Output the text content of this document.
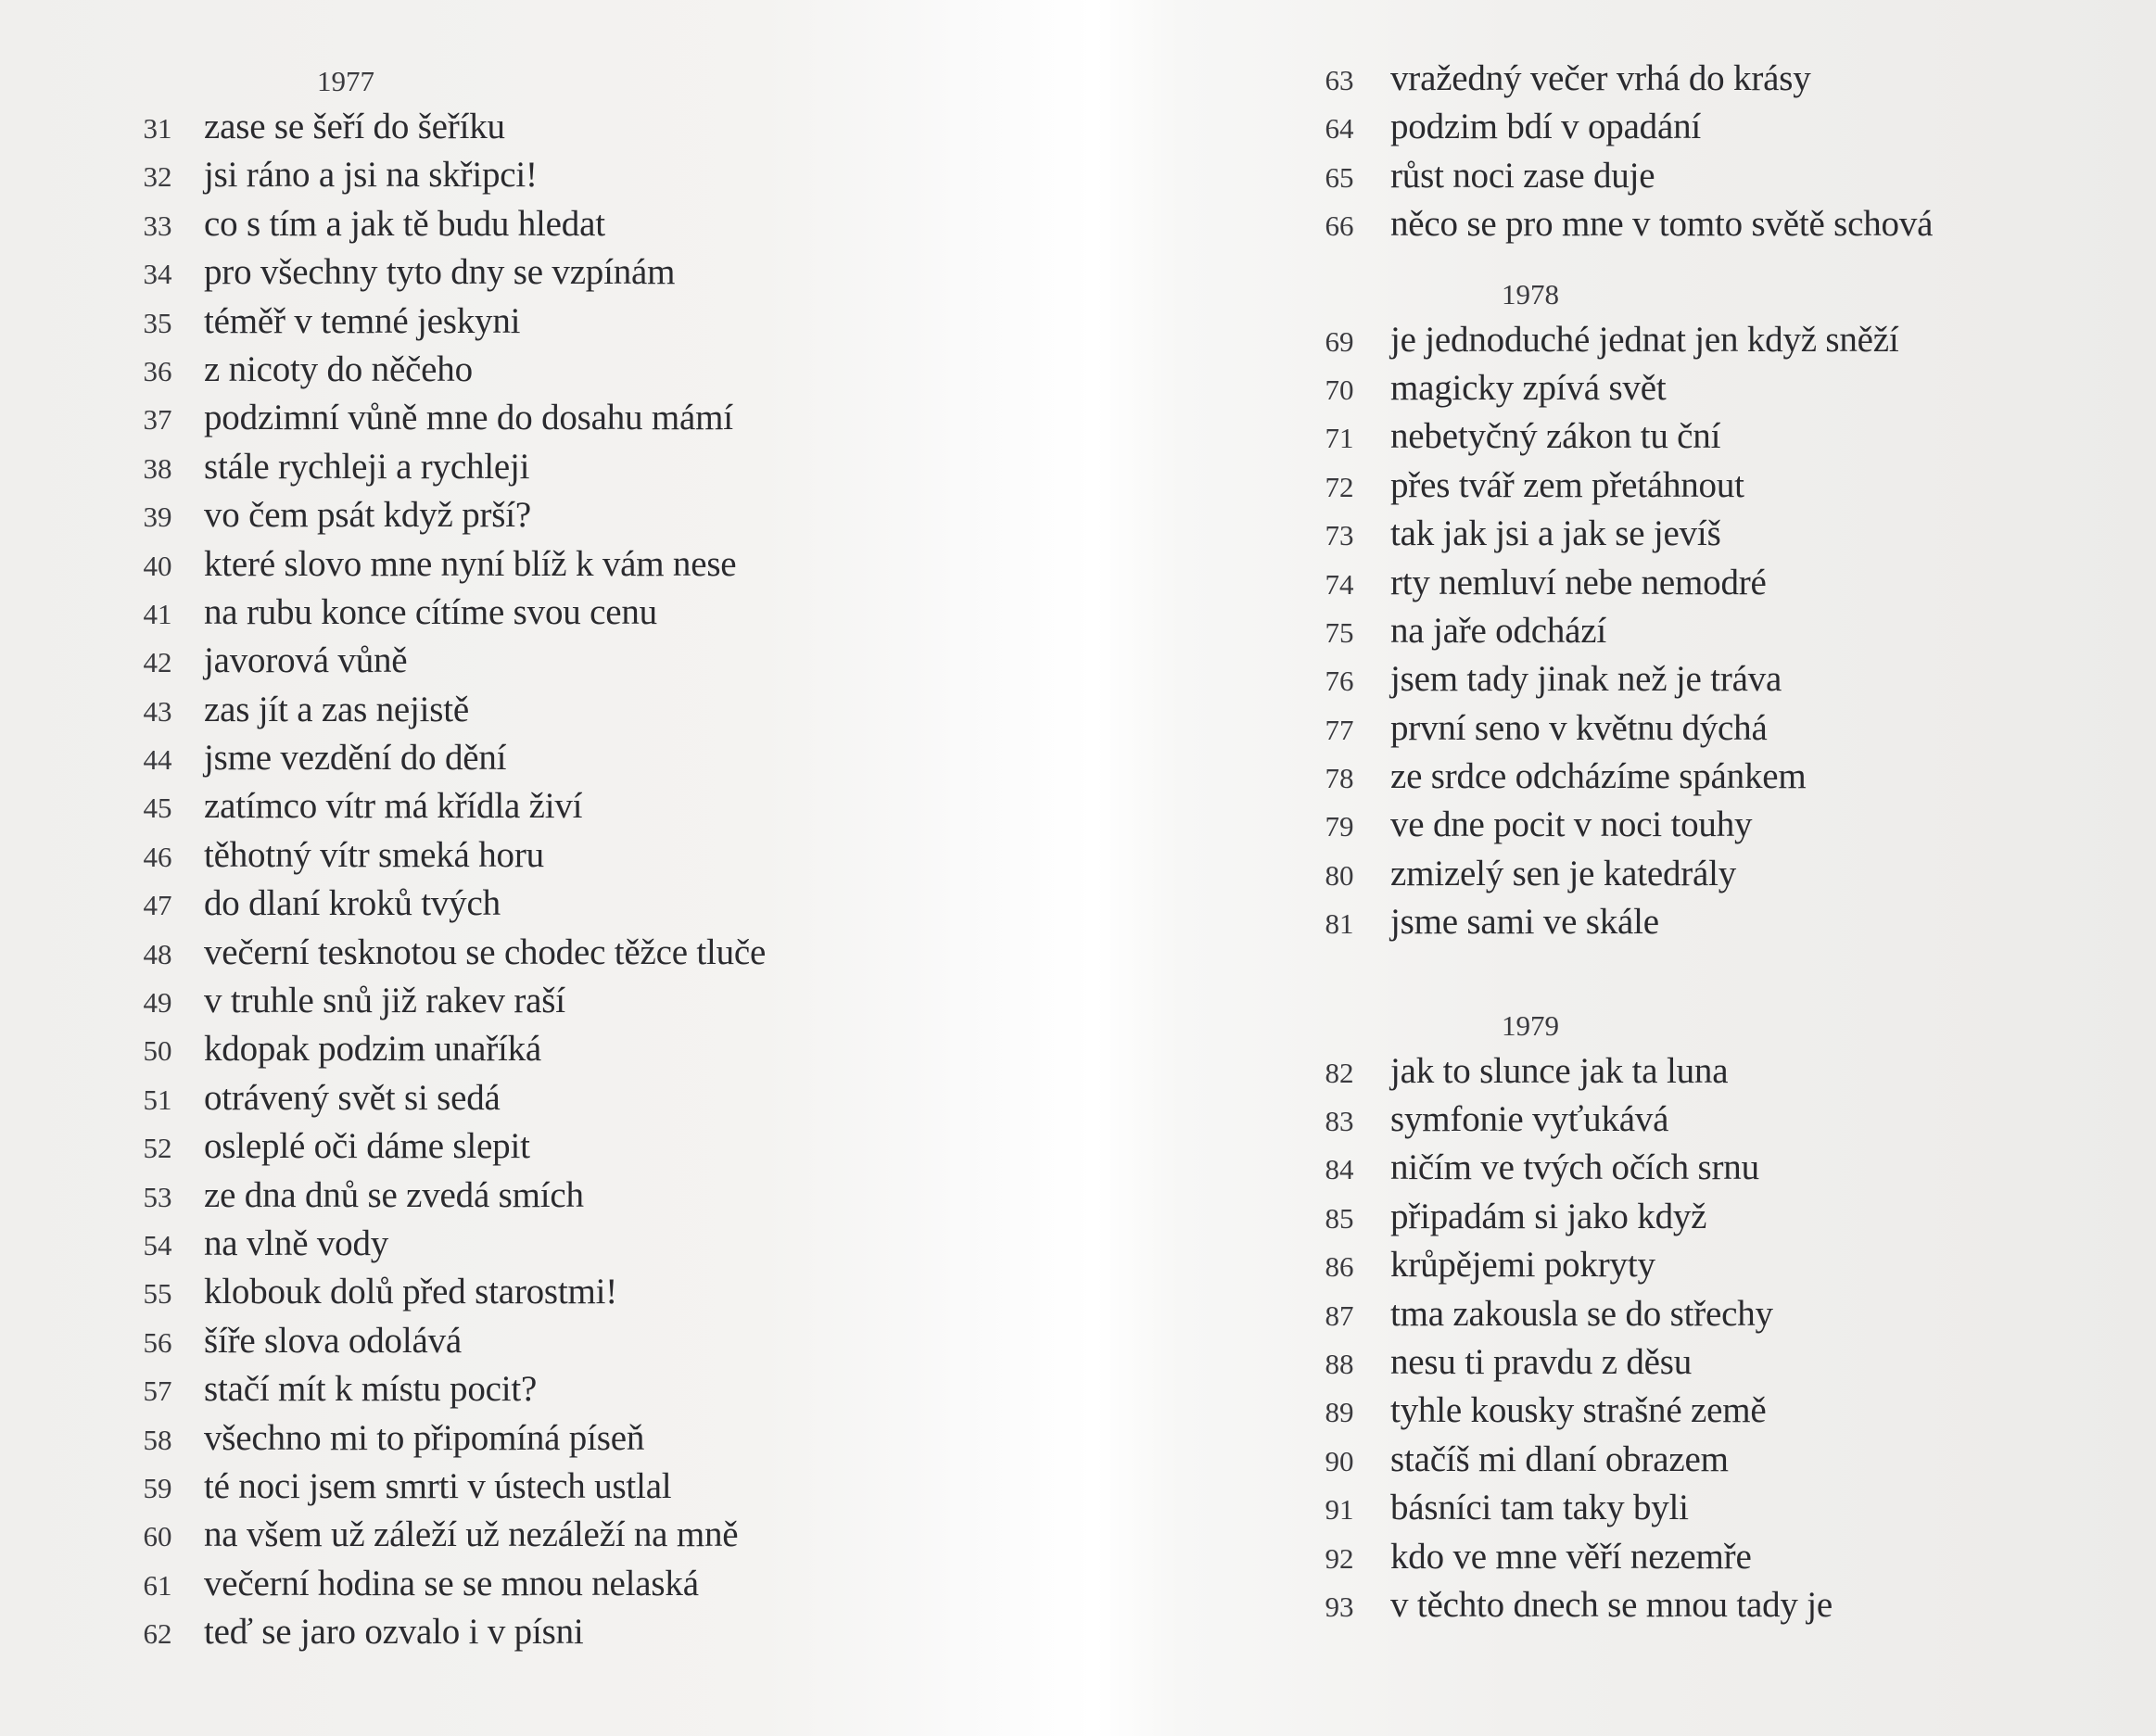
1977
31 zase se šeří do šeříku
32 jsi ráno a jsi na skřipci!
33 co s tím a jak tě budu hledat
34 pro všechny tyto dny se vzpínám
35 téměř v temné jeskyni
36 z nicoty do něčeho
37 podzimní vůně mne do dosahu mámí
38 stále rychleji a rychleji
39 vo čem psát když prší?
40 které slovo mne nyní blíž k vám nese
41 na rubu konce cítíme svou cenu
42 javorová vůně
43 zas jít a zas nejistě
44 jsme vezdění do dění
45 zatímco vítr má křídla živí
46 těhotný vítr smeká horu
47 do dlaní kroků tvých
48 večerní tesknotou se chodec těžce tluče
49 v truhle snů již rakev raší
50 kdopak podzim unaříká
51 otrávený svět si sedá
52 osleplé oči dáme slepit
53 ze dna dnů se zvedá smích
54 na vlně vody
55 klobouk dolů před starostmi!
56 šíře slova odolává
57 stačí mít k místu pocit?
58 všechno mi to připomíná píseň
59 té noci jsem smrti v ústech ustlal
60 na všem už záleží už nezáleží na mně
61 večerní hodina se se mnou nelaská
62 teď se jaro ozvalo i v písni
63	vražedný večer vrhá do krásy
64	podzim bdí v opadání
65	růst noci zase duje
66	něco se pro mne v tomto světě schová
1978
69	je jednoduché jednat jen když sněží
70	magicky zpívá svět
71	nebetyčný zákon tu ční
72	přes tvář zem přetáhnout
73	tak jak jsi a jak se jevíš
74	rty nemluví nebe nemodré
75	na jaře odchází
76	jsem tady jinak než je tráva
77	první seno v květnu dýchá
78	ze srdce odcházíme spánkem
79	ve dne pocit v noci touhy
80	zmizelý sen je katedrály
81	jsme sami ve skále
1979
82	jak to slunce jak ta luna
83	symfonie vyťukává
84	ničím ve tvých očích srnu
85	připadám si jako když
86	krůpějemi pokryty
87	tma zakousla se do střechy
88	nesu ti pravdu z děsu
89	tyhle kousky strašné země
90	stačíš mi dlaní obrazem
91	básníci tam taky byli
92	kdo ve mne věří nezemře
93	v těchto dnech se mnou tady je
